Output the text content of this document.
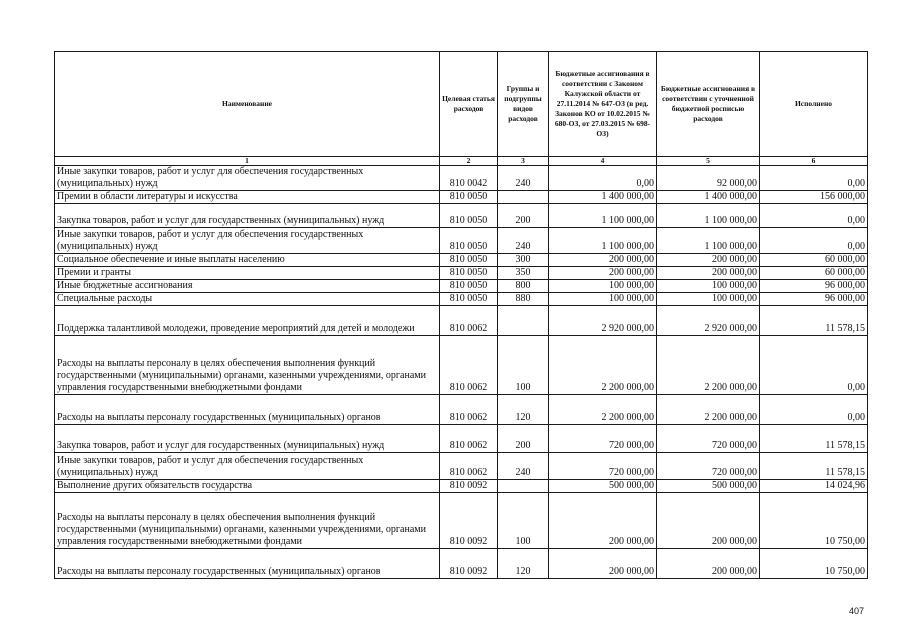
Наименование	Целевая статья расходов	Группы и подгруппы видов расходов	Бюджетные ассигнования в соответствии с Законом Калужской области от 27.11.2014 № 647-ОЗ (в ред. Законов КО от 10.02.2015 № 680-ОЗ, от 27.03.2015 № 698-ОЗ)	Бюджетные ассигнования в соответствии с уточненной бюджетной росписью расходов	Исполнено
1	2	3	4	5	6
Иные закупки товаров, работ и услуг для обеспечения государственных (муниципальных) нужд	810 0042	240	0,00	92 000,00	0,00
Премии в области литературы и искусства	810 0050		1 400 000,00	1 400 000,00	156 000,00
Закупка товаров, работ и услуг для государственных (муниципальных) нужд	810 0050	200	1 100 000,00	1 100 000,00	0,00
Иные закупки товаров, работ и услуг для обеспечения государственных (муниципальных) нужд	810 0050	240	1 100 000,00	1 100 000,00	0,00
Социальное обеспечение и иные выплаты населению	810 0050	300	200 000,00	200 000,00	60 000,00
Премии и гранты	810 0050	350	200 000,00	200 000,00	60 000,00
Иные бюджетные ассигнования	810 0050	800	100 000,00	100 000,00	96 000,00
Специальные расходы	810 0050	880	100 000,00	100 000,00	96 000,00
Поддержка талантливой молодежи, проведение мероприятий для детей и молодежи	810 0062		2 920 000,00	2 920 000,00	11 578,15
Расходы на выплаты персоналу в целях обеспечения выполнения функций государственными (муниципальными) органами, казенными учреждениями, органами управления государственными внебюджетными фондами	810 0062	100	2 200 000,00	2 200 000,00	0,00
Расходы на выплаты персоналу государственных (муниципальных) органов	810 0062	120	2 200 000,00	2 200 000,00	0,00
Закупка товаров, работ и услуг для государственных (муниципальных) нужд	810 0062	200	720 000,00	720 000,00	11 578,15
Иные закупки товаров, работ и услуг для обеспечения государственных (муниципальных) нужд	810 0062	240	720 000,00	720 000,00	11 578,15
Выполнение других обязательств государства	810 0092		500 000,00	500 000,00	14 024,96
Расходы на выплаты персоналу в целях обеспечения выполнения функций государственными (муниципальными) органами, казенными учреждениями, органами управления государственными внебюджетными фондами	810 0092	100	200 000,00	200 000,00	10 750,00
Расходы на выплаты персоналу государственных (муниципальных) органов	810 0092	120	200 000,00	200 000,00	10 750,00
407
